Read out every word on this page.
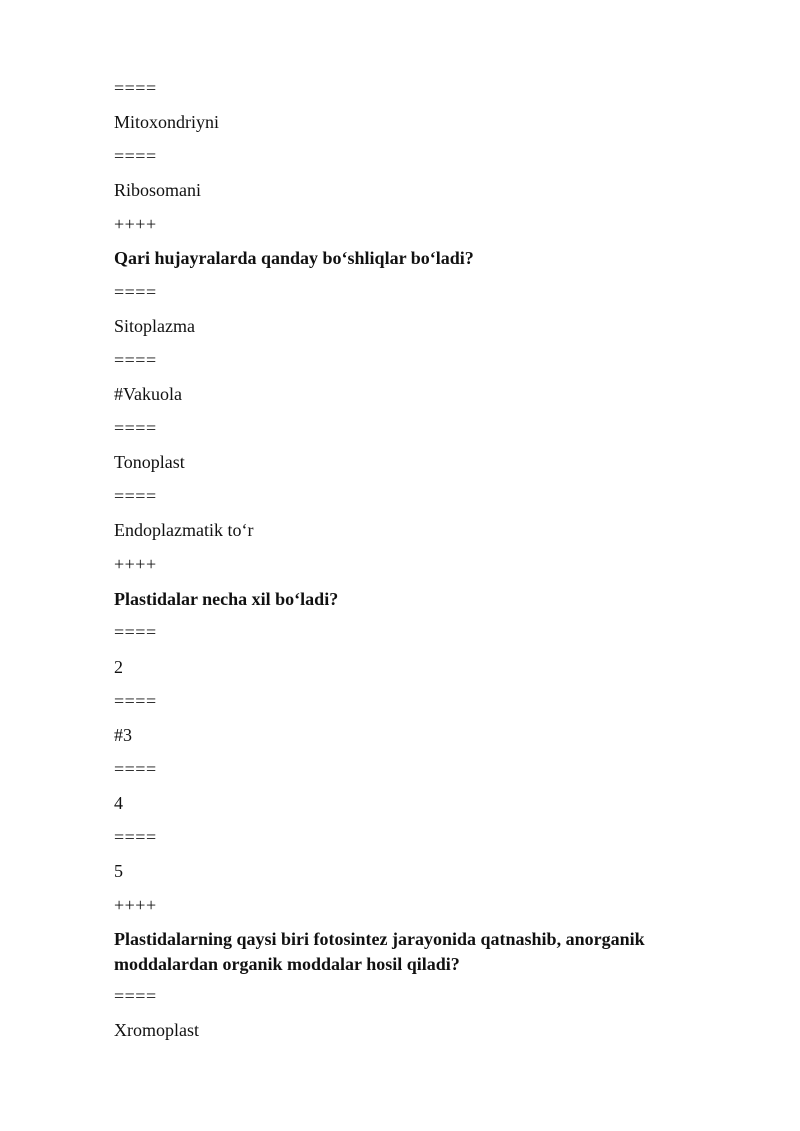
====
Mitoxondriyni
====
Ribosomani
++++
Qari hujayralarda qanday bo‘shliqlar bo‘ladi?
====
Sitoplazma
====
#Vakuola
====
Tonoplast
====
Endoplazmatik to‘r
++++
Plastidalar necha xil bo‘ladi?
====
2
====
#3
====
4
====
5
++++
Plastidalarning qaysi biri fotosintez jarayonida qatnashib, anorganik moddalardan organik moddalar hosil qiladi?
====
Xromoplast
